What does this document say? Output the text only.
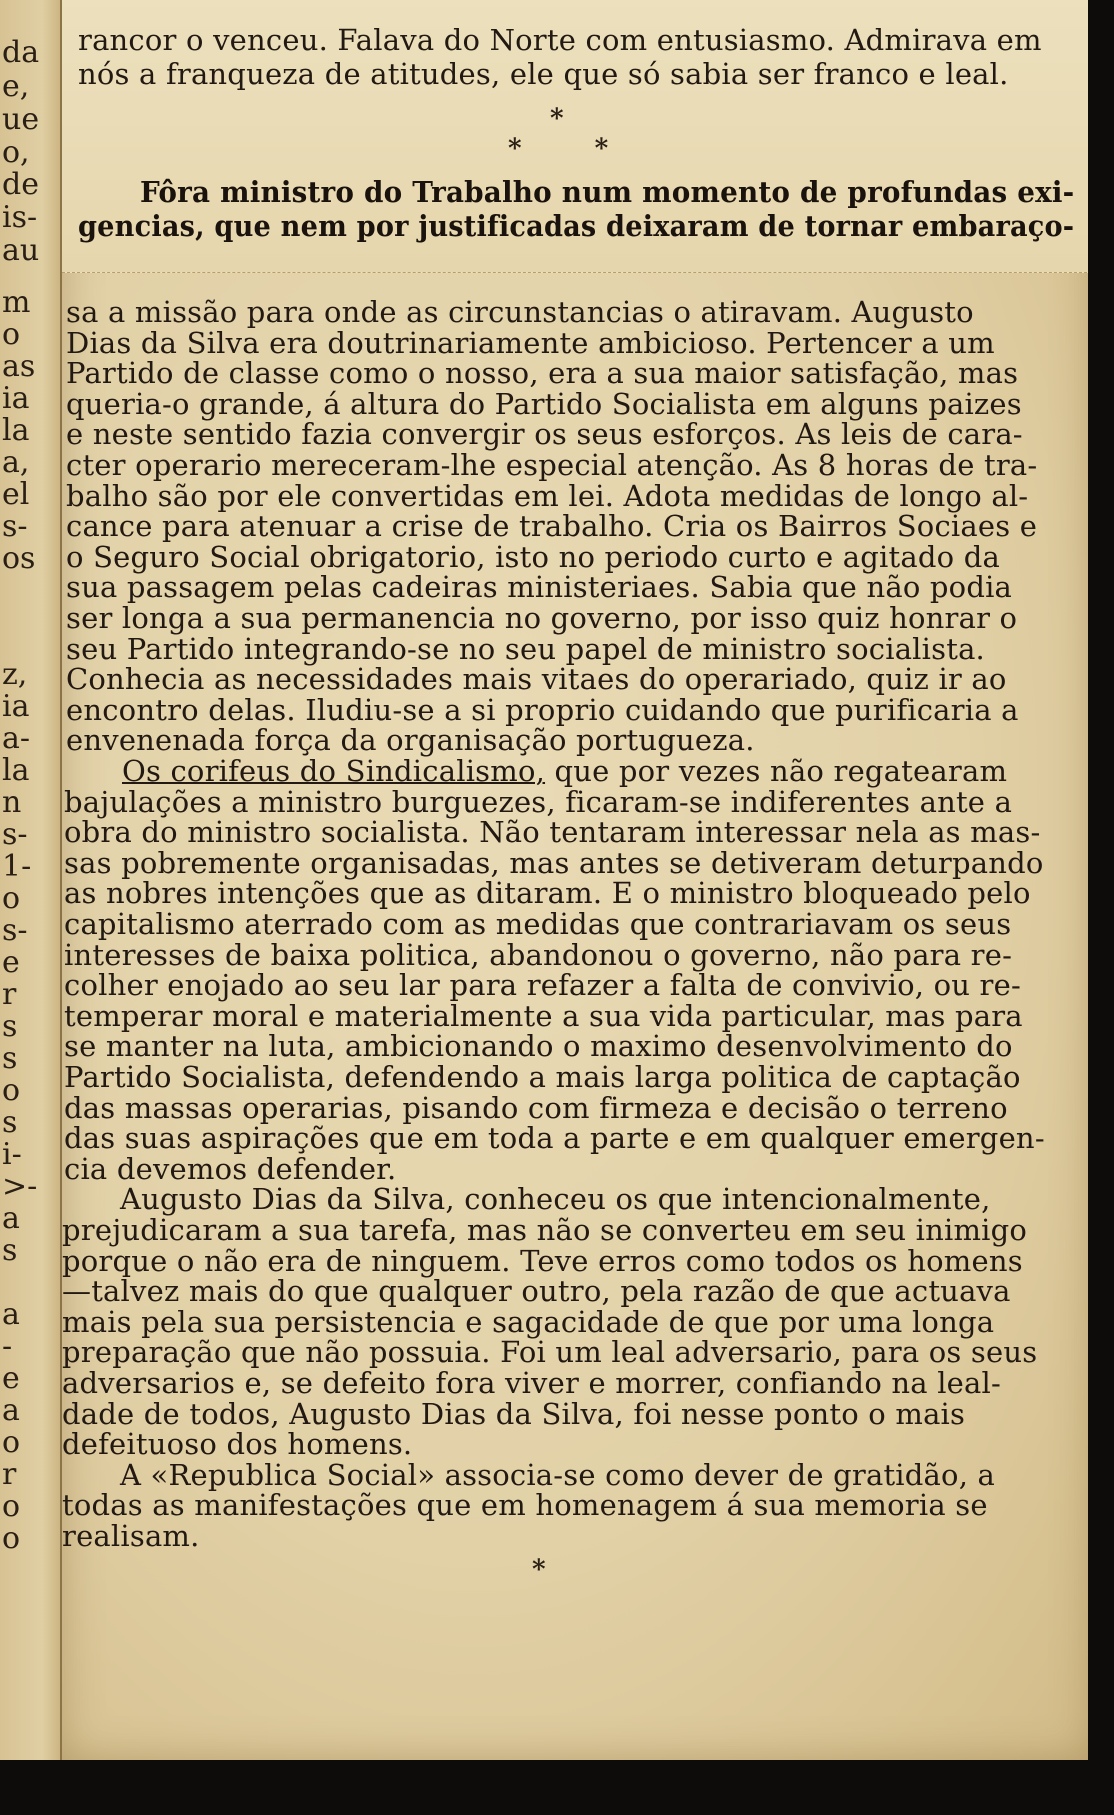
da
e,
ue
o,
de
is-
au
m
o
as
ia
la
a,
el
s-
os
z,
ia
a-
la
n
s-
1-
o
s-
e
r
s
s
o
s
i-
>-
a
s
a
-
e
a
o
r
o
o
rancor o venceu. Falava do Norte com entusiasmo. Admirava em
nós a franqueza de atitudes, ele que só sabia ser franco e leal.
*
* *
Fôra ministro do Trabalho num momento de profundas exi-
gencias, que nem por justificadas deixaram de tornar embaraço-
sa a missão para onde as circunstancias o atiravam. Augusto
Dias da Silva era doutrinariamente ambicioso. Pertencer a um
Partido de classe como o nosso, era a sua maior satisfação, mas
queria-o grande, á altura do Partido Socialista em alguns paizes
e neste sentido fazia convergir os seus esforços. As leis de cara-
cter operario mereceram-lhe especial atenção. As 8 horas de tra-
balho são por ele convertidas em lei. Adota medidas de longo al-
cance para atenuar a crise de trabalho. Cria os Bairros Sociaes e
o Seguro Social obrigatorio, isto no periodo curto e agitado da
sua passagem pelas cadeiras ministeriaes. Sabia que não podia
ser longa a sua permanencia no governo, por isso quiz honrar o
seu Partido integrando-se no seu papel de ministro socialista.
Conhecia as necessidades mais vitaes do operariado, quiz ir ao
encontro delas. Iludiu-se a si proprio cuidando que purificaria a
envenenada força da organisação portugueza.
Os corifeus do Sindicalismo, que por vezes não regatearam
bajulações a ministro burguezes, ficaram-se indiferentes ante a
obra do ministro socialista. Não tentaram interessar nela as mas-
sas pobremente organisadas, mas antes se detiveram deturpando
as nobres intenções que as ditaram. E o ministro bloqueado pelo
capitalismo aterrado com as medidas que contrariavam os seus
interesses de baixa politica, abandonou o governo, não para re-
colher enojado ao seu lar para refazer a falta de convivio, ou re-
temperar moral e materialmente a sua vida particular, mas para
se manter na luta, ambicionando o maximo desenvolvimento do
Partido Socialista, defendendo a mais larga politica de captação
das massas operarias, pisando com firmeza e decisão o terreno
das suas aspirações que em toda a parte e em qualquer emergen-
cia devemos defender.
Augusto Dias da Silva, conheceu os que intencionalmente,
prejudicaram a sua tarefa, mas não se converteu em seu inimigo
porque o não era de ninguem. Teve erros como todos os homens
—talvez mais do que qualquer outro, pela razão de que actuava
mais pela sua persistencia e sagacidade de que por uma longa
preparação que não possuia. Foi um leal adversario, para os seus
adversarios e, se defeito fora viver e morrer, confiando na leal-
dade de todos, Augusto Dias da Silva, foi nesse ponto o mais
defeituoso dos homens.
A «Republica Social» associa-se como dever de gratidão, a
todas as manifestações que em homenagem á sua memoria se
realisam.
*
